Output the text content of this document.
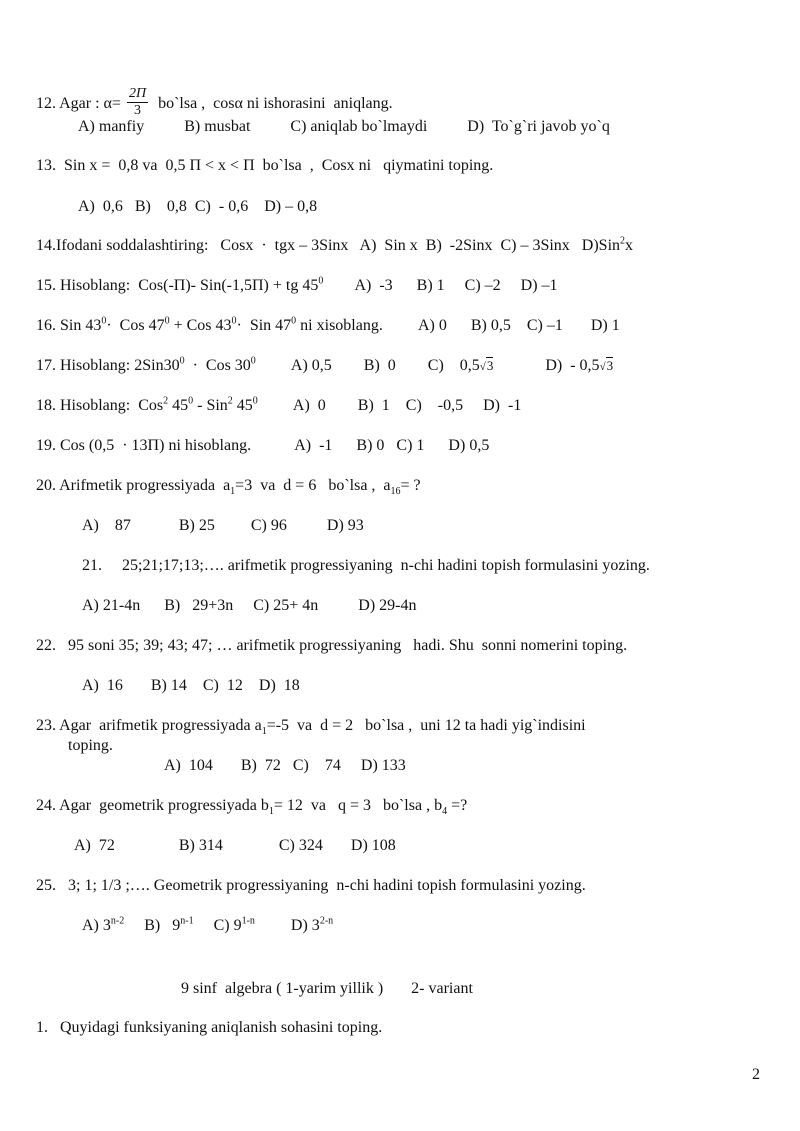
12. Agar : $\alpha= \frac{2\Pi}{3}$ bo`lsa ,  cosα ni ishorasini  aniqlang.
A) manfiy          B) musbat          C) aniqlab bo`lmaydi          D)  To`g`ri javob yo`q
13.  Sin x =  0,8 va  0,5 Π < x < Π  bo`lsa  ,  Cosx ni   qiymatini toping.
A)  0,6   B)    0,8  C)  - 0,6    D) – 0,8
14.Ifodani soddalashtiring:   Cosx  ·  tgx – 3Sinx   A)  Sin x  B)  -2Sinx  C) – 3Sinx   D)Sin$^2$x
15. Hisoblang:  Cos(-Π)- Sin(-1,5Π) + tg $45^0$        A)  -3      B) 1     C) –2     D) –1
16. Sin $43^0\cdot$  Cos $47^0$ + Cos $43^0\cdot$  Sin $47^0$ ni xisoblang.         A) 0      B) 0,5    C) –1       D) 1
17. Hisoblang: $2Sin30^0$  ·  Cos $30^0$         A) 0,5        B)  0        C)    0,5√3             D)  - 0,5√3
18. Hisoblang:  Cos$^2$ $45^0 - Sin^2$ $45^0$         A)  0        B)  1    C)    -0,5     D)  -1
19. Cos (0,5  · 13Π) ni hisoblang.           A)  -1      B) 0   C) 1      D) 0,5
20. Arifmetik progressiyada  $a_1=3$  va  d = 6   bo`lsa ,  $a_{16}=$ ?
A)    87            B) 25         C) 96          D) 93
21.     25;21;17;13;…. arifmetik progressiyaning  n-chi hadini topish formulasini yozing.
A) 21-4n      B)   29+3n     C) 25+ 4n          D) 29-4n
22.   95 soni 35; 39; 43; 47; … arifmetik progressiyaning   hadi. Shu  sonni nomerini toping.
A)  16       B) 14    C)  12    D)  18
23. Agar  arifmetik progressiyada $a_1=-5$  va  d = 2   bo`lsa ,  uni 12 ta hadi yig`indisini
toping.
A)  104       B)  72   C)    74     D) 133
24. Agar  geometrik progressiyada $b_1= 12$  va   q = 3   bo`lsa , $b_4$ =?
A)  72                B) 314              C) 324       D) 108
25.   3; 1; 1/3 ;…. Geometrik progressiyaning  n-chi hadini topish formulasini yozing.
A) 3$^{n-2}$     B)   9$^{n-1}$     C) 9$^{1-n}$         D) 3$^{2-n}$
9 sinf  algebra ( 1-yarim yillik )       2- variant
1.   Quyidagi funksiyaning aniqlanish sohasini toping.
2
